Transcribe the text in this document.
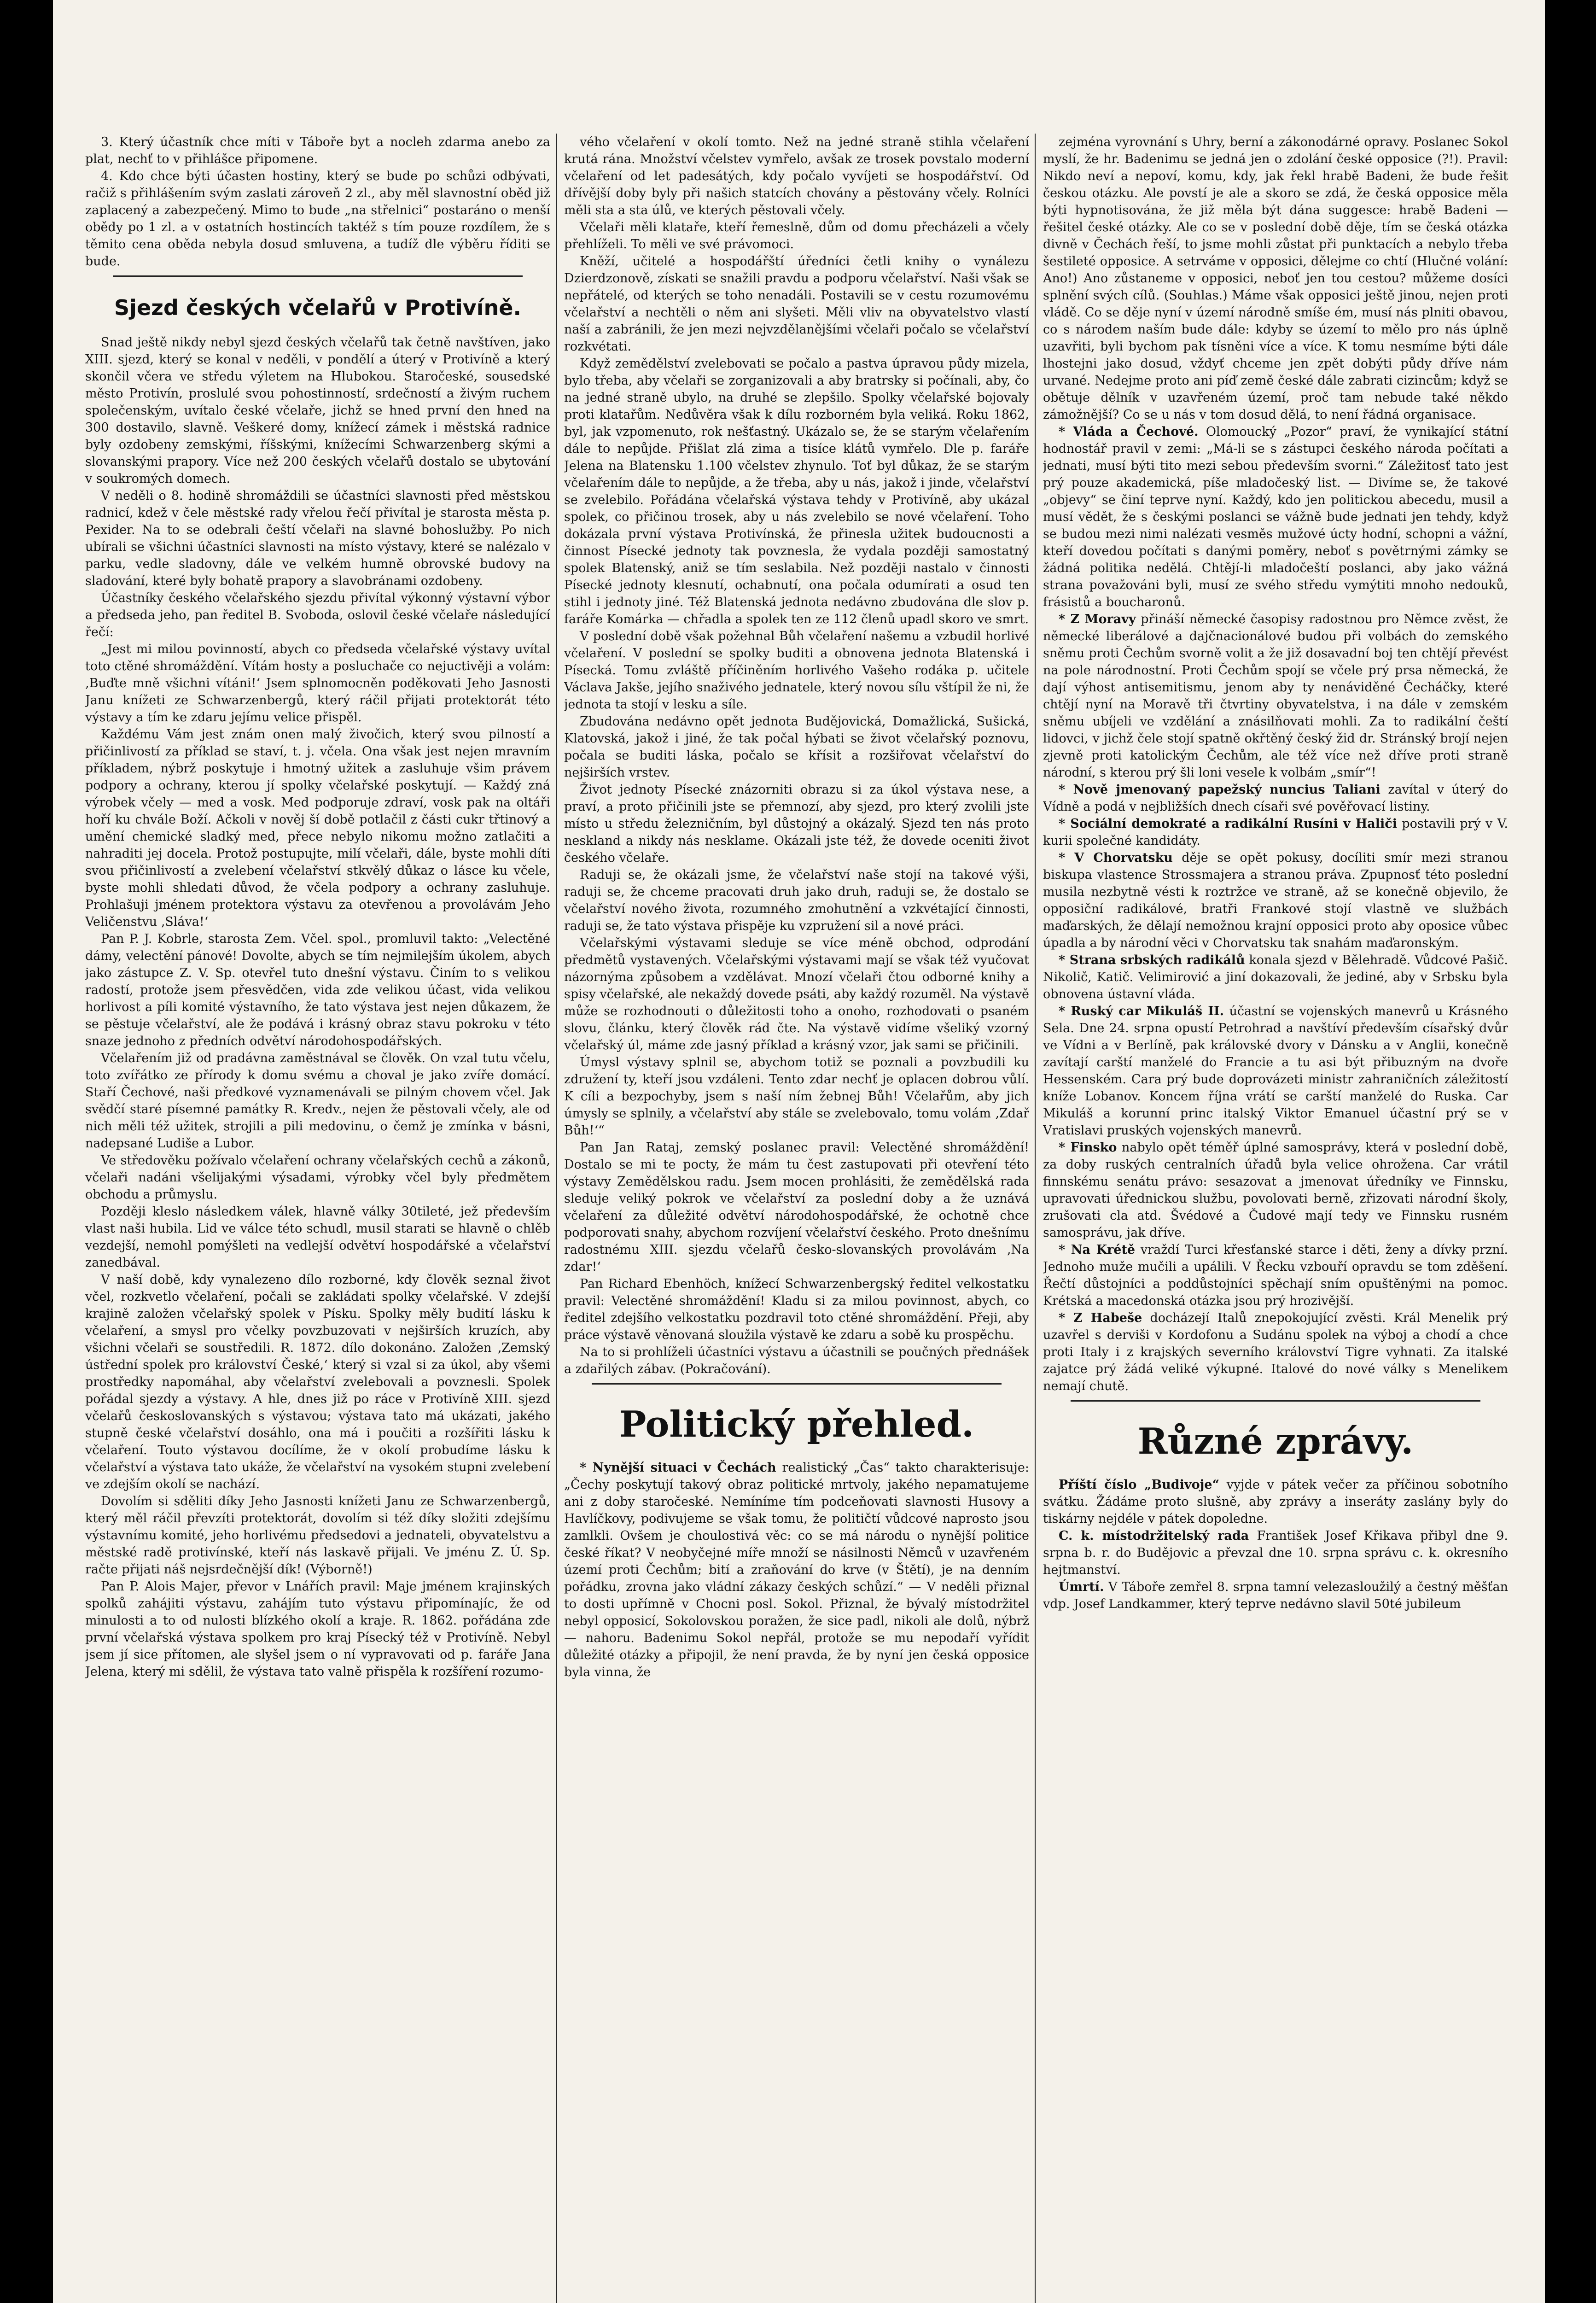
3. Který účastník chce míti v Táboře byt a nocleh zdarma anebo za plat, nechť to v přihlášce připomene.

4. Kdo chce býti účasten hostiny, který se bude po schůzi odbývati, račiž s přihlášením svým zaslati zároveň 2 zl., aby měl slavnostní oběd již zaplacený a zabezpečený. Mimo to bude „na střelnici“ postaráno o menší obědy po 1 zl. a v ostatních hostincích taktéž s tím pouze rozdílem, že s těmito cena oběda nebyla dosud smluvena, a tudíž dle výběru říditi se bude.

Sjezd českých včelařů v Protivíně.

Snad ještě nikdy nebyl sjezd českých včelařů tak četně navštíven, jako XIII. sjezd, který se konal v neděli, v pondělí a úterý v Protivíně a který skončil včera ve středu výletem na Hlubokou. Staročeské, sousedské město Protivín, proslulé svou pohostinností, srdečností a živým ruchem společenským, uvítalo české včelaře, jichž se hned první den hned na 300 dostavilo, slavně. Veškeré domy, knížecí zámek i městská radnice byly ozdobeny zemskými, říšskými, knížecími Schwarzenberg skými a slovanskými prapory. Více než 200 českých včelařů dostalo se ubytování v soukromých domech.

V neděli o 8. hodině shromáždili se účastníci slavnosti před městskou radnicí, kdež v čele městské rady vřelou řečí přivítal je starosta města p. Pexider. Na to se odebrali čeští včelaři na slavné bohoslužby. Po nich ubírali se všichni účastníci slavnosti na místo výstavy, které se nalézalo v parku, vedle sladovny, dále ve velkém humně obrovské budovy na sladování, které byly bohatě prapory a slavobránami ozdobeny.

Účastníky českého včelařského sjezdu přivítal výkonný výstavní výbor a předseda jeho, pan ředitel B. Svoboda, oslovil české včelaře následující řečí:

„Jest mi milou povinností, abych co předseda včelařské výstavy uvítal toto ctěné shromáždění. Vítám hosty a posluchače co nejuctivěji a volám: ‚Buďte mně všichni vítáni!‘ Jsem splnomocněn poděkovati Jeho Jasnosti Janu knížeti ze Schwarzenbergů, který ráčil přijati protektorát této výstavy a tím ke zdaru jejímu velice přispěl.

Každému Vám jest znám onen malý živočich, který svou pilností a přičinlivostí za příklad se staví, t. j. včela. Ona však jest nejen mravním příkladem, nýbrž poskytuje i hmotný užitek a zasluhuje všim právem podpory a ochrany, kterou jí spolky včelařské poskytují. — Každý zná výrobek včely — med a vosk. Med podporuje zdraví, vosk pak na oltáři hoří ku chvále Boží. Ačkoli v nověj ší době potlačil z části cukr třtinový a umění chemické sladký med, přece nebylo nikomu možno zatlačiti a nahraditi jej docela. Protož postupujte, milí včelaři, dále, byste mohli díti svou přičinlivostí a zvelebení včelařství stkvělý důkaz o lásce ku včele, byste mohli shledati důvod, že včela podpory a ochrany zasluhuje. Prohlašuji jménem protektora výstavu za otevřenou a provolávám Jeho Veličenstvu ‚Sláva!‘

Pan P. J. Kobrle, starosta Zem. Včel. spol., promluvil takto: „Velectěné dámy, velectění pánové! Dovolte, abych se tím nejmilejším úkolem, abych jako zástupce Z. V. Sp. otevřel tuto dnešní výstavu. Činím to s velikou radostí, protože jsem přesvědčen, vida zde velikou účast, vida velikou horlivost a píli komité výstavního, že tato výstava jest nejen důkazem, že se pěstuje včelařství, ale že podává i krásný obraz stavu pokroku v této snaze jednoho z předních odvětví národohospodářských.

Včelařením již od pradávna zaměstnával se člověk. On vzal tutu včelu, toto zvířátko ze přírody k domu svému a choval je jako zvíře domácí. Staří Čechové, naši předkové vyznamenávali se pilným chovem včel. Jak svědčí staré písemné památky R. Kredv., nejen že pěstovali včely, ale od nich měli též užitek, strojili a pili medovinu, o čemž je zmínka v básni, nadepsané Ludiše a Lubor.

Ve středověku požívalo včelaření ochrany včelařských cechů a zákonů, včelaři nadáni všelijakými výsadami, výrobky včel byly předmětem obchodu a průmyslu.

Později kleslo následkem válek, hlavně války 30tileté, jež především vlast naši hubila. Lid ve válce této schudl, musil starati se hlavně o chlěb vezdejší, nemohl pomýšleti na vedlejší odvětví hospodářské a včelařství zanedbával.

V naší době, kdy vynalezeno dílo rozborné, kdy člověk seznal život včel, rozkvetlo včelaření, počali se zakládati spolky včelařské. V zdejší krajině založen včelařský spolek v Písku. Spolky měly budití lásku k včelaření, a smysl pro včelky povzbuzovati v nejširších kruzích, aby všichni včelaři se soustředili. R. 1872. dílo dokonáno. Založen ‚Zemský ústřední spolek pro království České,‘ který si vzal si za úkol, aby všemi prostředky napomáhal, aby včelařství zvelebovali a povznesli. Spolek pořádal sjezdy a výstavy. A hle, dnes již po ráce v Protivíně XIII. sjezd včelařů českoslovanských s výstavou; výstava tato má ukázati, jakého stupně české včelařství dosáhlo, ona má i poučiti a rozšířiti lásku k včelaření. Touto výstavou docílíme, že v okolí probudíme lásku k včelařství a výstava tato ukáže, že včelařství na vysokém stupni zvelebení ve zdejším okolí se nachází.

Dovolím si sděliti díky Jeho Jasnosti knížeti Janu ze Schwarzenbergů, který měl ráčil převzíti protektorát, dovolím si též díky složiti zdejšímu výstavnímu komité, jeho horlivému předsedovi a jednateli, obyvatelstvu a městské radě protivínské, kteří nás laskavě přijali. Ve jménu Z. Ú. Sp. račte přijati náš nejsrdečnější dík! (Výborně!)

Pan P. Alois Majer, převor v Lnářích pravil: Maje jménem krajinských spolků zahájiti výstavu, zahájím tuto výstavu připomínajíc, že od minulosti a to od nulosti blízkého okolí a kraje. R. 1862. pořádána zde první včelařská výstava spolkem pro kraj Písecký též v Protivíně. Nebyl jsem jí sice přítomen, ale slyšel jsem o ní vypravovati od p. faráře Jana Jelena, který mi sdělil, že výstava tato valně přispěla k rozšíření rozumo-

vého včelaření v okolí tomto. Než na jedné straně stihla včelaření krutá rána. Množství včelstev vymřelo, avšak ze trosek povstalo moderní včelaření od let padesátých, kdy počalo vyvíjeti se hospodářství. Od dřívější doby byly při našich statcích chovány a pěstovány včely. Rolníci měli sta a sta úlů, ve kterých pěstovali včely.

Včelaři měli klataře, kteří řemeslně, dům od domu přecházeli a včely přehlíželi. To měli ve své právomoci.

Kněží, učitelé a hospodářští úředníci četli knihy o vynálezu Dzierdzonově, získati se snažili pravdu a podporu včelařství. Naši však se nepřátelé, od kterých se toho nenadáli. Postavili se v cestu rozumovému včelařství a nechtěli o něm ani slyšeti. Měli vliv na obyvatelstvo vlastí naší a zabránili, že jen mezi nejvzdělanějšími včelaři počalo se včelařství rozkvétati.

Když zemědělství zvelebovati se počalo a pastva úpravou půdy mizela, bylo třeba, aby včelaři se zorganizovali a aby bratrsky si počínali, aby, čo na jedné straně ubylo, na druhé se zlepšilo. Spolky včelařské bojovaly proti klatařům. Nedůvěra však k dílu rozborném byla veliká. Roku 1862, byl, jak vzpomenuto, rok nešťastný. Ukázalo se, že se starým včelařením dále to nepůjde. Přišlat zlá zima a tisíce klátů vymřelo. Dle p. faráře Jelena na Blatensku 1.100 včelstev zhynulo. Toť byl důkaz, že se starým včelařením dále to nepůjde, a že třeba, aby u nás, jakož i jinde, včelařství se zvelebilo. Pořádána včelařská výstava tehdy v Protivíně, aby ukázal spolek, co přičinou trosek, aby u nás zvelebilo se nové včelaření. Toho dokázala první výstava Protivínská, že přinesla užitek budoucnosti a činnost Písecké jednoty tak povznesla, že vydala později samostatný spolek Blatenský, aniž se tím seslabila. Než později nastalo v činnosti Písecké jednoty klesnutí, ochabnutí, ona počala odumírati a osud ten stihl i jednoty jiné. Též Blatenská jednota nedávno zbudována dle slov p. faráře Komárka — chřadla a spolek ten ze 112 členů upadl skoro ve smrt.

V poslední době však požehnal Bůh včelaření našemu a vzbudil horlivé včelaření. V poslední se spolky buditi a obnovena jednota Blatenská i Písecká. Tomu zvláště příčiněním horlivého Vašeho rodáka p. učitele Václava Jakše, jejího snaživého jednatele, který novou sílu vštípil že ni, že jednota ta stojí v lesku a síle.

Zbudována nedávno opět jednota Budějovická, Domažlická, Sušická, Klatovská, jakož i jiné, že tak počal hýbati se život včelařský poznovu, počala se buditi láska, počalo se křísit a rozšiřovat včelařství do nejširších vrstev.

Život jednoty Písecké znázorniti obrazu si za úkol výstava nese, a praví, a proto přičinili jste se přemnozí, aby sjezd, pro který zvolili jste místo u středu železničním, byl důstojný a okázalý. Sjezd ten nás proto neskland a nikdy nás nesklame. Okázali jste též, že dovede oceniti život českého včelaře.

Raduji se, že okázali jsme, že včelařství naše stojí na takové výši, raduji se, že chceme pracovati druh jako druh, raduji se, že dostalo se včelařství nového života, rozumného zmohutnění a vzkvétající činnosti, raduji se, že tato výstava přispěje ku vzpružení sil a nové práci.

Včelařskými výstavami sleduje se více méně obchod, odprodání předmětů vystavených. Včelařskými výstavami mají se však též vyučovat názornýma způsobem a vzdělávat. Mnozí včelaři čtou odborné knihy a spisy včelařské, ale nekaždý dovede psáti, aby každý rozuměl. Na výstavě může se rozhodnouti o důležitosti toho a onoho, rozhodovati o psaném slovu, článku, který člověk rád čte. Na výstavě vidíme všeliký vzorný včelařský úl, máme zde jasný příklad a krásný vzor, jak sami se přičinili.

Úmysl výstavy splnil se, abychom totiž se poznali a povzbudili ku združení ty, kteří jsou vzdáleni. Tento zdar nechť je oplacen dobrou vůlí. K cíli a bezpochyby, jsem s naší ním žebnej Bůh! Včelařům, aby jich úmysly se splnily, a včelařství aby stále se zvelebovalo, tomu volám ‚Zdař Bůh!‘“

Pan Jan Rataj, zemský poslanec pravil: Velectěné shromáždění! Dostalo se mi te pocty, že mám tu čest zastupovati při otevření této výstavy Zemědělskou radu. Jsem mocen prohlásiti, že zemědělská rada sleduje veliký pokrok ve včelařství za poslední doby a že uznává včelaření za důležité odvětví národohospodářské, že ochotně chce podporovati snahy, abychom rozvíjení včelařství českého. Proto dnešnímu radostnému XIII. sjezdu včelařů česko-slovanských provolávám ‚Na zdar!‘

Pan Richard Ebenhöch, knížecí Schwarzenbergský ředitel velkostatku pravil: Velectěné shromáždění! Kladu si za milou povinnost, abych, co ředitel zdejšího velkostatku pozdravil toto ctěné shromáždění. Přeji, aby práce výstavě věnovaná sloužila výstavě ke zdaru a sobě ku prospěchu.

Na to si prohlíželi účastníci výstavu a účastnili se poučných přednášek a zdařilých zábav. (Pokračování).

Politický přehled.

* Nynější situaci v Čechách realistický „Čas“ takto charakterisuje: „Čechy poskytují takový obraz politické mrtvoly, jakého nepamatujeme ani z doby staročeské. Nemíníme tím podceňovati slavnosti Husovy a Havlíčkovy, podivujeme se však tomu, že političtí vůdcové naprosto jsou zamlkli. Ovšem je choulostivá věc: co se má národu o nynější politice české říkat? V neobyčejné míře množí se násilnosti Němců v uzavřeném území proti Čechům; bití a zraňování do krve (v Štětí), je na denním pořádku, zrovna jako vládní zákazy českých schůzí.“ — V neděli přiznal to dosti upřímně v Chocni posl. Sokol. Přiznal, že bývalý místodržitel nebyl opposicí, Sokolovskou poražen, že sice padl, nikoli ale dolů, nýbrž — nahoru. Badenimu Sokol nepřál, protože se mu nepodaří vyřídit důležité otázky a připojil, že není pravda, že by nyní jen česká opposice byla vinna, že

zejména vyrovnání s Uhry, berní a zákonodárné opravy. Poslanec Sokol myslí, že hr. Badenimu se jedná jen o zdolání české opposice (?!). Pravil: Nikdo neví a nepoví, komu, kdy, jak řekl hrabě Badeni, že bude řešit českou otázku. Ale povstí je ale a skoro se zdá, že česká opposice měla býti hypnotisována, že již měla být dána suggesce: hrabě Badeni — řešitel české otázky. Ale co se v poslední době děje, tím se česká otázka divně v Čechách řeší, to jsme mohli zůstat při punktacích a nebylo třeba šestileté opposice. A setrváme v opposici, dělejme co chtí (Hlučné volání: Ano!) Ano zůstaneme v opposici, neboť jen tou cestou? můžeme dosíci splnění svých cílů. (Souhlas.) Máme však opposici ještě jinou, nejen proti vládě. Co se děje nyní v území národně smíše ém, musí nás plniti obavou, co s národem naším bude dále: kdyby se území to mělo pro nás úplně uzavřiti, byli bychom pak tísněni více a více. K tomu nesmíme býti dále lhostejni jako dosud, vždyť chceme jen zpět dobýti půdy dříve nám urvané. Nedejme proto ani píď země české dále zabrati cizincům; když se obětuje dělník v uzavřeném území, proč tam nebude také někdo zámožnější? Co se u nás v tom dosud dělá, to není řádná organisace.

* Vláda a Čechové. Olomoucký „Pozor“ praví, že vynikající státní hodnostář pravil v zemi: „Má-li se s zástupci českého národa počítati a jednati, musí býti tito mezi sebou především svorni.“ Záležitosť tato jest prý pouze akademická, píše mladočeský list. — Divíme se, že takové „objevy“ se činí teprve nyní. Každý, kdo jen politickou abecedu, musil a musí vědět, že s českými poslanci se vážně bude jednati jen tehdy, když se budou mezi nimi nalézati vesměs mužové úcty hodní, schopni a vážní, kteří dovedou počítati s danými poměry, neboť s povětrnými zámky se žádná politika nedělá. Chtějí-li mladočeští poslanci, aby jako vážná strana považováni byli, musí ze svého středu vymýtiti mnoho nedouků, frásistů a boucharonů.

* Z Moravy přináší německé časopisy radostnou pro Němce zvěst, že německé liberálové a dajčnacionálové budou při volbách do zemského sněmu proti Čechům svorně volit a že již dosavadní boj ten chtějí převést na pole národnostní. Proti Čechům spojí se včele prý prsa německá, že dají výhost antisemitismu, jenom aby ty nenáviděné Čecháčky, které chtějí nyní na Moravě tři čtvrtiny obyvatelstva, i na dále v zemském sněmu ubíjeli ve vzdělání a znásilňovati mohli. Za to radikální čeští lidovci, v jichž čele stojí spatně okřtěný český žid dr. Stránský brojí nejen zjevně proti katolickým Čechům, ale též více než dříve proti straně národní, s kterou prý šli loni vesele k volbám „smír“!

* Nově jmenovaný papežský nuncius Taliani zavítal v úterý do Vídně a podá v nejbližších dnech císaři své pověřovací listiny.

* Sociální demokraté a radikální Rusíni v Haliči postavili prý v V. kurii společné kandidáty.

* V Chorvatsku děje se opět pokusy, docíliti smír mezi stranou biskupa vlastence Strossmajera a stranou práva. Zpupnosť této poslední musila nezbytně vésti k roztržce ve straně, až se konečně objevilo, že opposiční radikálové, bratři Frankové stojí vlastně ve službách maďarských, že dělají nemožnou krajní opposici proto aby oposice vůbec úpadla a by národní věci v Chorvatsku tak snahám maďaronským.

* Strana srbských radikálů konala sjezd v Bělehradě. Vůdcové Pašič. Nikolič, Katič. Velimirović a jiní dokazovali, že jediné, aby v Srbsku byla obnovena ústavní vláda.

* Ruský car Mikuláš II. účastní se vojenských manevrů u Krásného Sela. Dne 24. srpna opustí Petrohrad a navštíví především císařský dvůr ve Vídni a v Berlíně, pak královské dvory v Dánsku a v Anglii, konečně zavítají carští manželé do Francie a tu asi být přibuzným na dvoře Hessenském. Cara prý bude doprovázeti ministr zahraničních záležitostí kníže Lobanov. Koncem října vrátí se carští manželé do Ruska. Car Mikuláš a korunní princ italský Viktor Emanuel účastní prý se v Vratislavi pruských vojenských manevrů.

* Finsko nabylo opět téměř úplné samosprávy, která v poslední době, za doby ruských centralních úřadů byla velice ohrožena. Car vrátil finnskému senátu právo: sesazovat a jmenovat úředníky ve Finnsku, upravovati úřednickou službu, povolovati berně, zřizovati národní školy, zrušovati cla atd. Švédové a Čudové mají tedy ve Finnsku rusném samosprávu, jak dříve.

* Na Krétě vraždí Turci křesťanské starce i děti, ženy a dívky przní. Jednoho muže mučili a upálili. V Řecku vzbouří opravdu se tom zděšení. Řečtí důstojníci a poddůstojníci spěchají sním opuštěnými na pomoc. Krétská a macedonská otázka jsou prý hrozivější.

* Z Habeše docházejí Italů znepokojující zvěsti. Král Menelik prý uzavřel s derviši v Kordofonu a Sudánu spolek na výboj a chodí a chce proti Italy i z krajských severního království Tigre vyhnati. Za italské zajatce prý žádá veliké výkupné. Italové do nové války s Menelikem nemají chutě.

Různé zprávy.

Příští číslo „Budivoje“ vyjde v pátek večer za příčinou sobotního svátku. Žádáme proto slušně, aby zprávy a inseráty zaslány byly do tiskárny nejdéle v pátek dopoledne.

C. k. místodržitelský rada František Josef Křikava přibyl dne 9. srpna b. r. do Budějovic a převzal dne 10. srpna správu c. k. okresního hejtmanství.

Úmrtí. V Táboře zemřel 8. srpna tamní velezasloužilý a čestný měšťan vdp. Josef Landkammer, který teprve nedávno slavil 50té jubileum
